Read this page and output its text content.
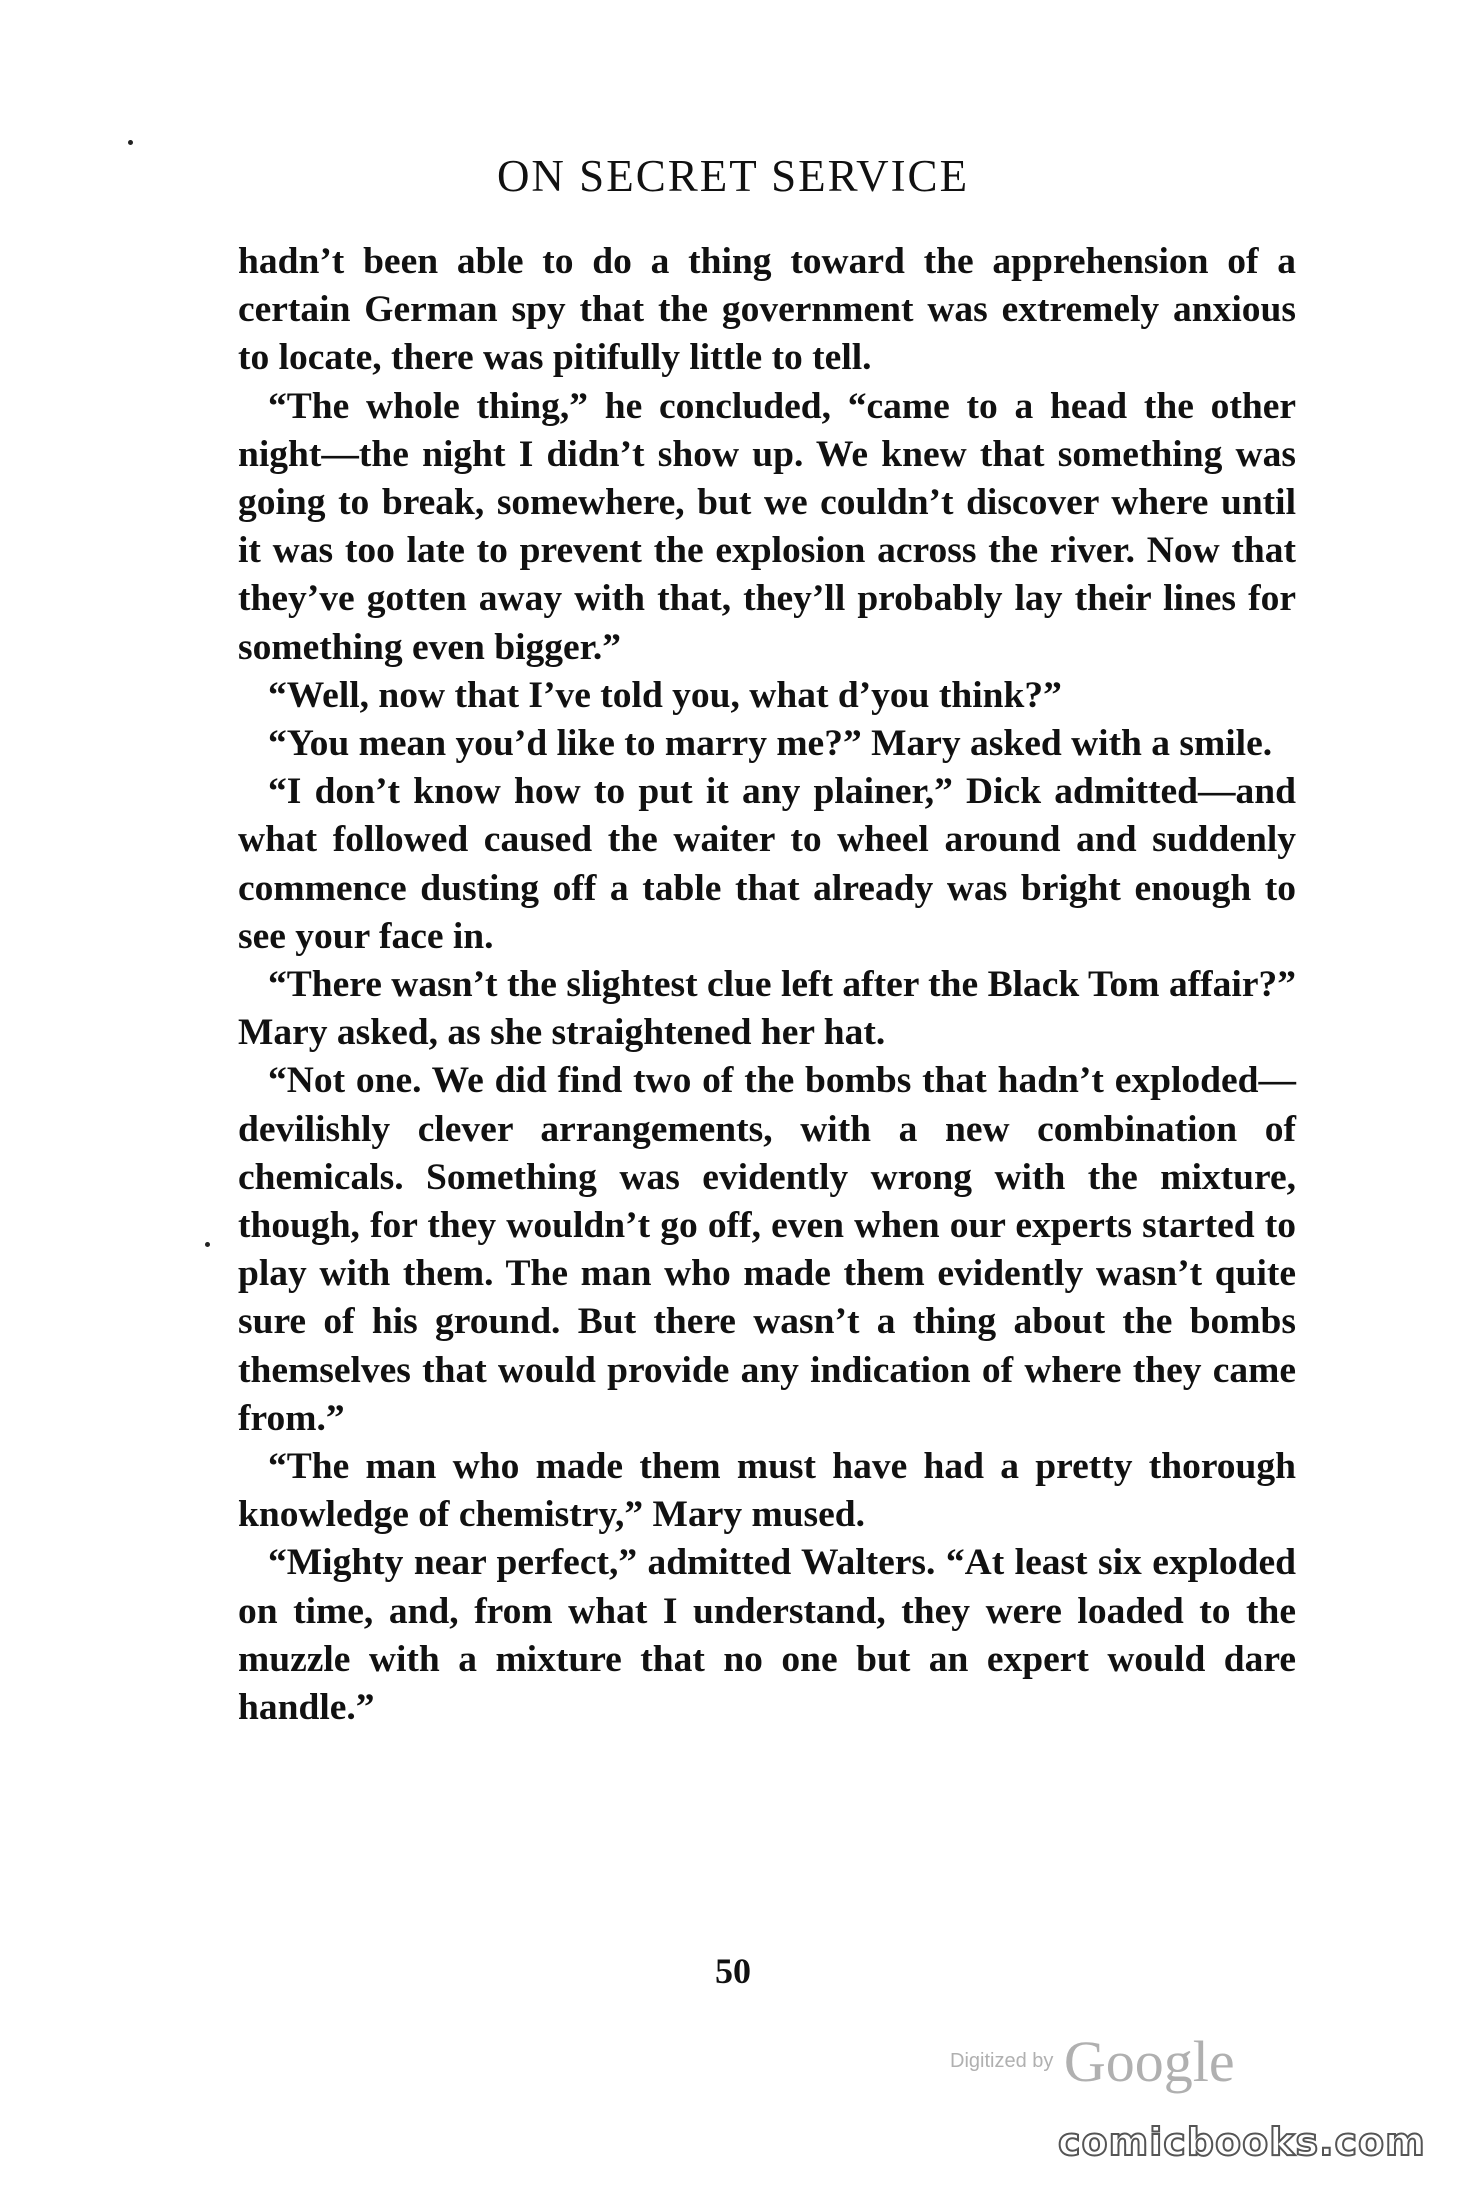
ON SECRET SERVICE

hadn’t been able to do a thing toward the apprehension of a certain German spy that the government was extremely anxious to locate, there was pitifully little to tell.

“The whole thing,” he concluded, “came to a head the other night—the night I didn’t show up. We knew that something was going to break, somewhere, but we couldn’t discover where until it was too late to prevent the explosion across the river. Now that they’ve gotten away with that, they’ll probably lay their lines for something even bigger.”

“Well, now that I’ve told you, what d’you think?”

“You mean you’d like to marry me?” Mary asked with a smile.

“I don’t know how to put it any plainer,” Dick admitted—and what followed caused the waiter to wheel around and suddenly commence dusting off a table that already was bright enough to see your face in.

“There wasn’t the slightest clue left after the Black Tom affair?” Mary asked, as she straightened her hat.

“Not one. We did find two of the bombs that hadn’t exploded—devilishly clever arrangements, with a new combination of chemicals. Something was evidently wrong with the mixture, though, for they wouldn’t go off, even when our experts started to play with them. The man who made them evidently wasn’t quite sure of his ground. But there wasn’t a thing about the bombs themselves that would provide any indication of where they came from.”

“The man who made them must have had a pretty thorough knowledge of chemistry,” Mary mused.

“Mighty near perfect,” admitted Walters. “At least six exploded on time, and, from what I understand, they were loaded to the muzzle with a mixture that no one but an expert would dare handle.”

50
Digitized by Google
comicbooks.com
